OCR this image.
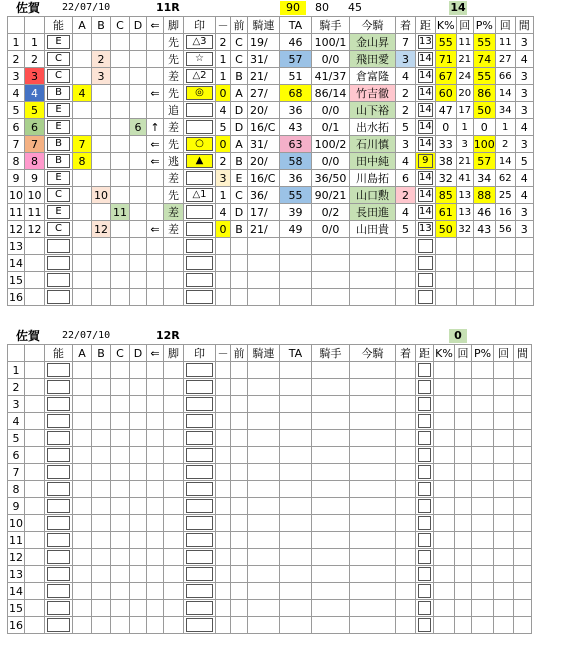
佐賀 22/07/10	11R	90	80	45	14
		能	A	B	C	D	⇐	脚	印	－	前	騎連	TA	騎手	今騎	着	距	K%	回	P%	回	間
1	1	E						先	△3	2	C	19/	46	100/1	金山昇	7	13	55	11	55	11	3
2	2	C		2				先	☆	1	C	31/	57	0/0	飛田愛	3	14	71	21	74	27	4
3	3	C		3				差	△2	1	B	21/	51	41/37	倉富隆	4	14	67	24	55	66	3
4	4	B	4				⇐	先	◎	0	A	27/	68	86/14	竹吉徹	2	14	60	20	86	14	3
5	5	E						追		4	D	20/	36	0/0	山下裕	2	14	47	17	50	34	3
6	6	E				6	↑	差		5	D	16/C	43	0/1	出水拓	5	14	0	1	0	1	4
7	7	B	7				⇐	先	○	0	A	31/	63	100/2	石川慎	3	14	33	3	100	2	3
8	8	B	8				⇐	逃	▲	2	B	20/	58	0/0	田中純	4	9	38	21	57	14	5
9	9	E						差		3	E	16/C	36	36/50	川島拓	6	14	32	41	34	62	4
10	10	C		10				先	△1	1	C	36/	55	90/21	山口勲	2	14	85	13	88	25	4
11	11	E			11			差		4	D	17/	39	0/2	長田進	4	14	61	13	46	16	3
12	12	C		12			⇐	差		0	B	21/	49	0/0	山田貴	5	13	50	32	43	56	3
13		

14		

15		

16		

佐賀 22/07/10	12R	0
		能	A	B	C	D	⇐	脚	印	－	前	騎連	TA	騎手	今騎	着	距	K%	回	P%	回	間
1		

2		

3		

4		

5		

6		

7		

8		

9		

10		

11		

12		

13		

14		

15		

16		
